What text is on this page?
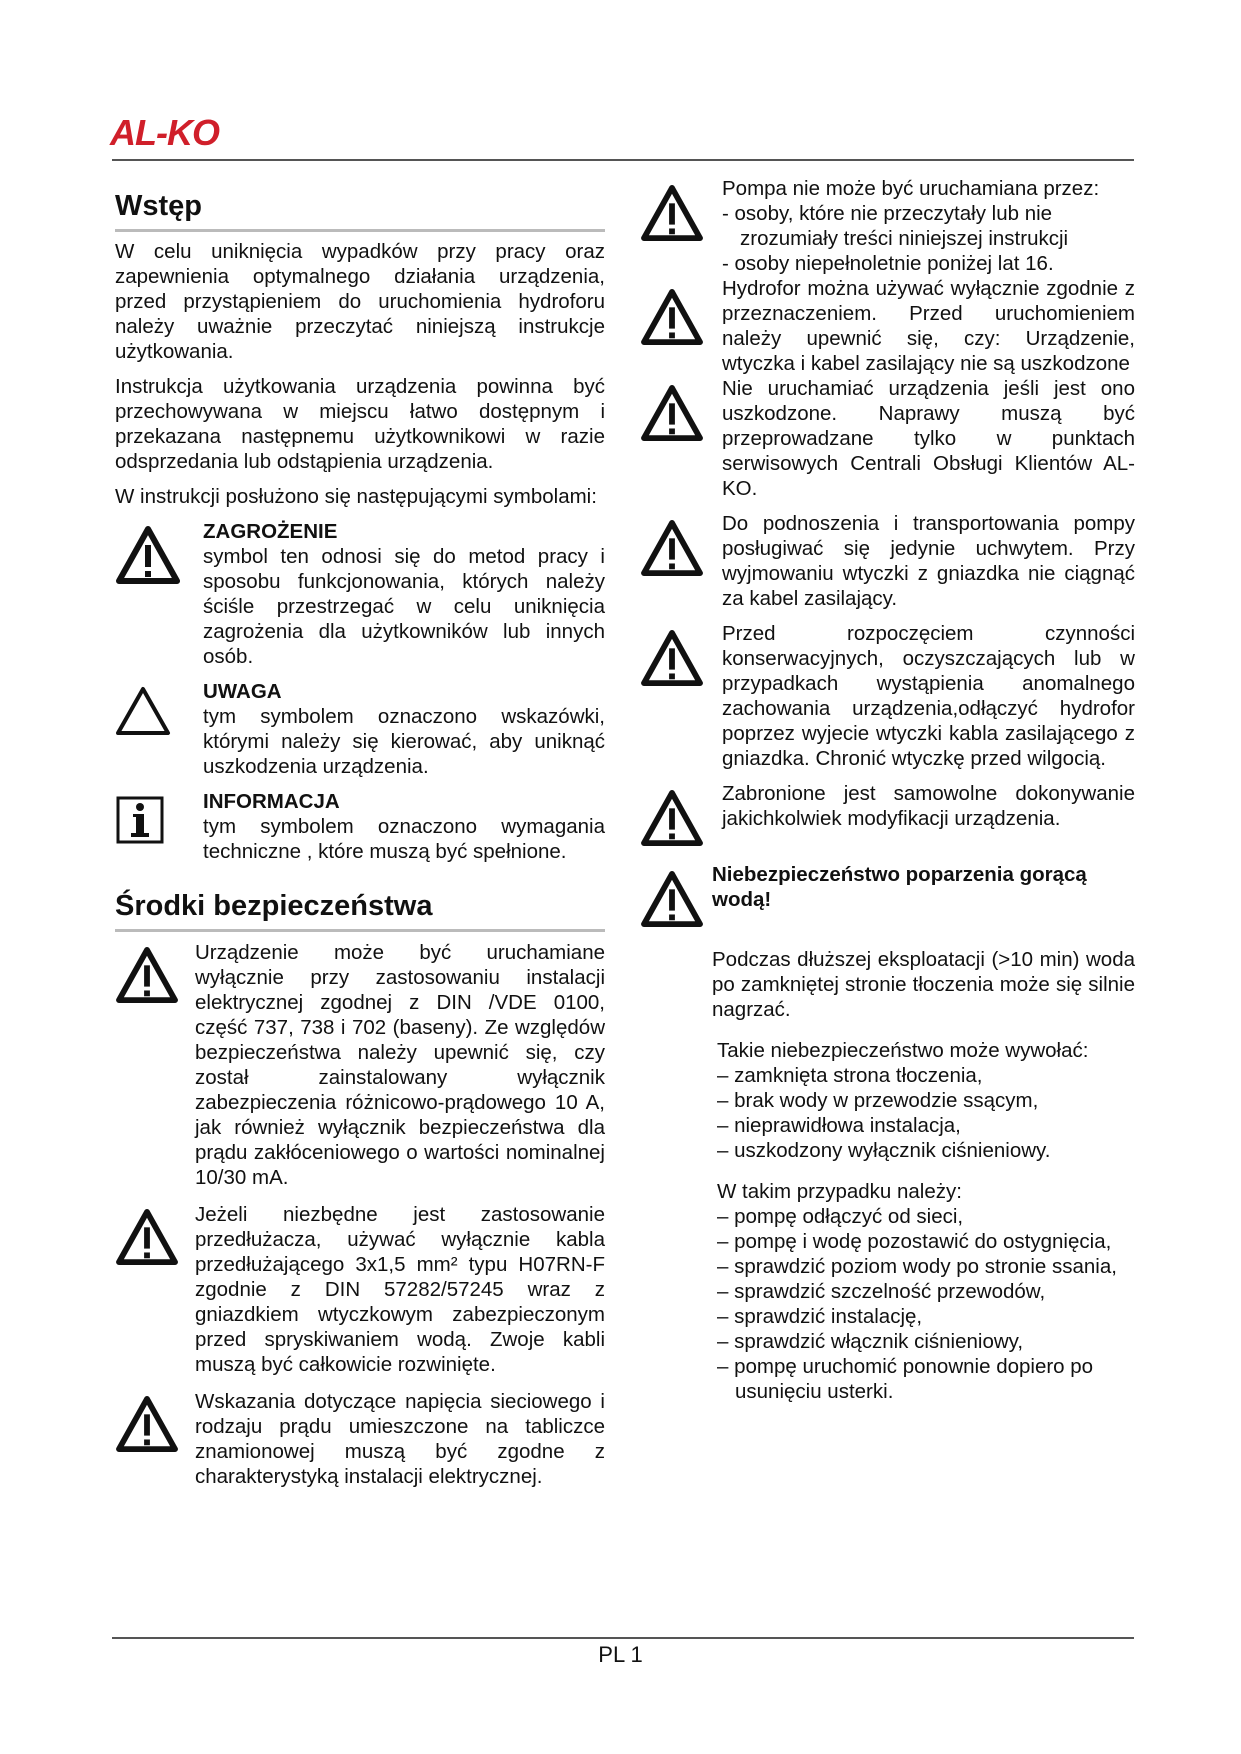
AL-KO
Wstęp

W celu uniknięcia wypadków przy pracy oraz zapewnienia optymalnego działania urządzenia, przed przystąpieniem do uruchomienia hydroforu należy uważnie przeczytać niniejszą instrukcje użytkowania.

Instrukcja użytkowania urządzenia powinna być przechowywana w miejscu łatwo dostępnym i przekazana następnemu użytkownikowi w razie odsprzedania lub odstąpienia urządzenia.

W instrukcji posłużono się następującymi symbolami:

ZAGROŻENIE

symbol ten odnosi się do metod pracy i sposobu funkcjonowania, których należy ściśle przestrzegać w celu uniknięcia zagrożenia dla użytkowników lub innych osób.

UWAGA

tym symbolem oznaczono wskazówki, którymi należy się kierować, aby uniknąć uszkodzenia urządzenia.

INFORMACJA

tym symbolem oznaczono wymagania techniczne , które muszą być spełnione.

Środki bezpieczeństwa

Urządzenie może być uruchamiane wyłącznie przy zastosowaniu instalacji elektrycznej zgodnej z DIN /VDE 0100, część 737, 738 i 702 (baseny). Ze względów bezpieczeństwa należy upewnić się, czy został zainstalowany wyłącznik zabezpieczenia różnicowo-prądowego 10 A, jak również wyłącznik bezpieczeństwa dla prądu zakłóceniowego o wartości nominalnej 10/30 mA.

Jeżeli niezbędne jest zastosowanie przedłużacza, używać wyłącznie kabla przedłużającego 3x1,5 mm² typu H07RN-F zgodnie z DIN 57282/57245 wraz z gniazdkiem wtyczkowym zabezpieczonym przed spryskiwaniem wodą. Zwoje kabli muszą być całkowicie rozwinięte.

Wskazania dotyczące napięcia sieciowego i rodzaju prądu umieszczone na tabliczce znamionowej muszą być zgodne z charakterystyką instalacji elektrycznej.

Pompa nie może być uruchamiana przez:

- osoby, które nie przeczytały lub nie zrozumiały treści niniejszej instrukcji

- osoby niepełnoletnie poniżej lat 16.

Hydrofor można używać wyłącznie zgodnie z przeznaczeniem. Przed uruchomieniem należy upewnić się, czy: Urządzenie, wtyczka i kabel zasilający nie są uszkodzone

Nie uruchamiać urządzenia jeśli jest ono uszkodzone. Naprawy muszą być przeprowadzane tylko w punktach serwisowych Centrali Obsługi Klientów AL-KO.

Do podnoszenia i transportowania pompy posługiwać się jedynie uchwytem. Przy wyjmowaniu wtyczki z gniazdka nie ciągnąć za kabel zasilający.

Przed rozpoczęciem czynności konserwacyjnych, oczyszczających lub w przypadkach wystąpienia anomalnego zachowania urządzenia,odłączyć hydrofor poprzez wyjecie wtyczki kabla zasilającego z gniazdka. Chronić wtyczkę przed wilgocią.

Zabronione jest samowolne dokonywanie jakichkolwiek modyfikacji urządzenia.

Niebezpieczeństwo poparzenia gorącą wodą!

Podczas dłuższej eksploatacji (>10 min) woda po zamkniętej stronie tłoczenia może się silnie nagrzać.

Takie niebezpieczeństwo może wywołać:

– zamknięta strona tłoczenia,

– brak wody w przewodzie ssącym,

– nieprawidłowa instalacja,

– uszkodzony wyłącznik ciśnieniowy.

W takim przypadku należy:

– pompę odłączyć od sieci,

– pompę i wodę pozostawić do ostygnięcia,

– sprawdzić poziom wody po stronie ssania,

– sprawdzić szczelność przewodów,

– sprawdzić instalację,

– sprawdzić włącznik ciśnieniowy,

– pompę uruchomić ponownie dopiero po usunięciu usterki.

PL 1
